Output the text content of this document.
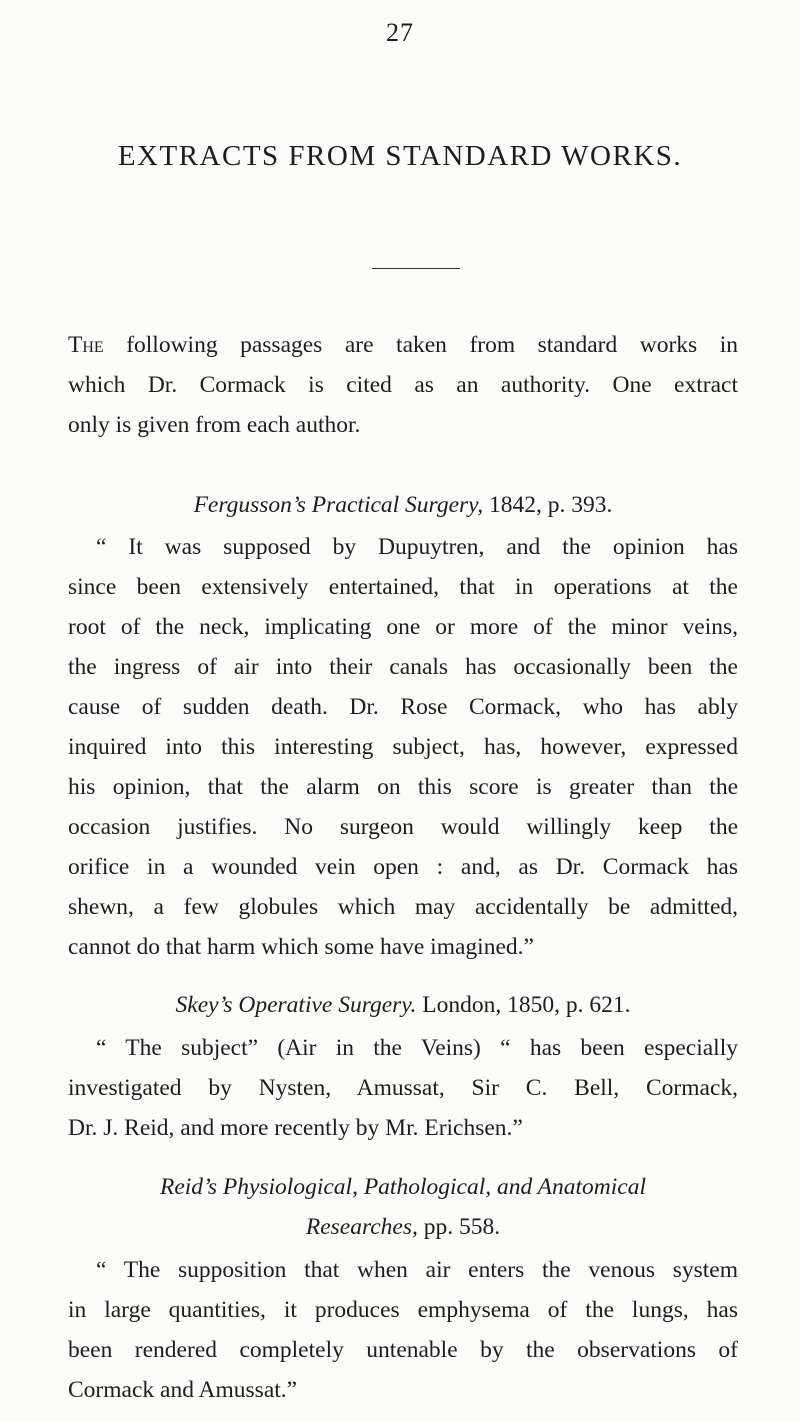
27
EXTRACTS FROM STANDARD WORKS.
The following passages are taken from standard works in
which Dr. Cormack is cited as an authority. One extract
only is given from each author.
Fergusson’s Practical Surgery, 1842, p. 393.
“ It was supposed by Dupuytren, and the opinion has
since been extensively entertained, that in operations at the
root of the neck, implicating one or more of the minor veins,
the ingress of air into their canals has occasionally been the
cause of sudden death. Dr. Rose Cormack, who has ably
inquired into this interesting subject, has, however, expressed
his opinion, that the alarm on this score is greater than the
occasion justifies. No surgeon would willingly keep the
orifice in a wounded vein open : and, as Dr. Cormack has
shewn, a few globules which may accidentally be admitted,
cannot do that harm which some have imagined.”
Skey’s Operative Surgery. London, 1850, p. 621.
“ The subject” (Air in the Veins) “ has been especially
investigated by Nysten, Amussat, Sir C. Bell, Cormack,
Dr. J. Reid, and more recently by Mr. Erichsen.”
Reid’s Physiological, Pathological, and Anatomical
Researches, pp. 558.
“ The supposition that when air enters the venous system
in large quantities, it produces emphysema of the lungs, has
been rendered completely untenable by the observations of
Cormack and Amussat.”
